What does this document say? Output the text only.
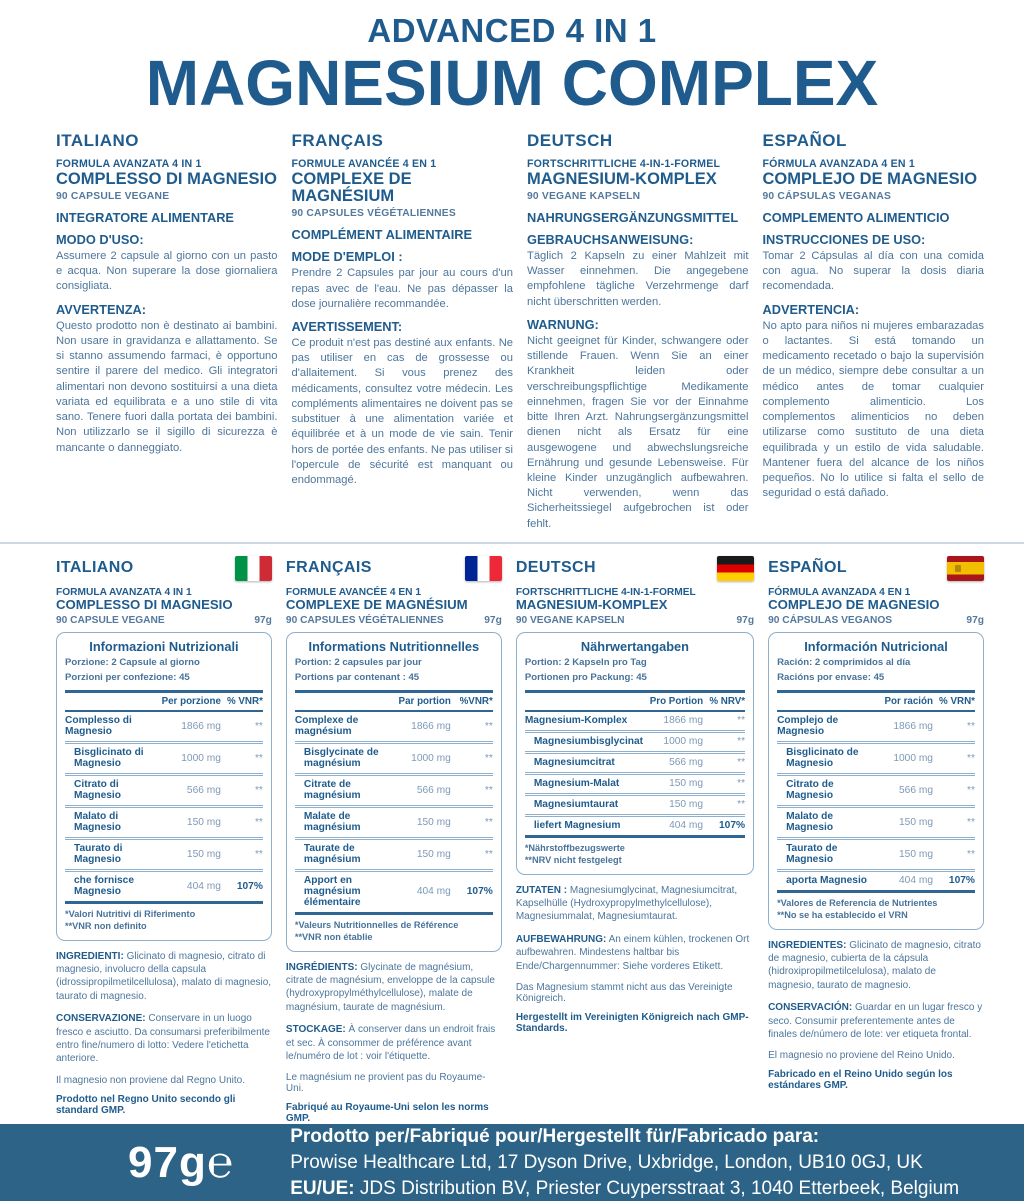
ADVANCED 4 IN 1
MAGNESIUM COMPLEX
ITALIANO
FORMULA AVANZATA 4 IN 1
COMPLESSO DI MAGNESIO
90 CAPSULE VEGANE
INTEGRATORE ALIMENTARE
MODO D'USO:
Assumere 2 capsule al giorno con un pasto e acqua. Non superare la dose giornaliera consigliata.
AVVERTENZA:
Questo prodotto non è destinato ai bambini. Non usare in gravidanza e allattamento. Se si stanno assumendo farmaci, è opportuno sentire il parere del medico. Gli integratori alimentari non devono sostituirsi a una dieta variata ed equilibrata e a uno stile di vita sano. Tenere fuori dalla portata dei bambini. Non utilizzarlo se il sigillo di sicurezza è mancante o danneggiato.
FRANÇAIS
FORMULE AVANCÉE 4 EN 1
COMPLEXE DE MAGNÉSIUM
90 CAPSULES VÉGÉTALIENNES
COMPLÉMENT ALIMENTAIRE
MODE D'EMPLOI :
Prendre 2 Capsules par jour au cours d'un repas avec de l'eau. Ne pas dépasser la dose journalière recommandée.
AVERTISSEMENT:
Ce produit n'est pas destiné aux enfants. Ne pas utiliser en cas de grossesse ou d'allaitement. Si vous prenez des médicaments, consultez votre médecin. Les compléments alimentaires ne doivent pas se substituer à une alimentation variée et équilibrée et à un mode de vie sain. Tenir hors de portée des enfants. Ne pas utiliser si l'opercule de sécurité est manquant ou endommagé.
DEUTSCH
FORTSCHRITTLICHE 4-IN-1-FORMEL
MAGNESIUM-KOMPLEX
90 VEGANE KAPSELN
NAHRUNGSERGÄNZUNGSMITTEL
GEBRAUCHSANWEISUNG:
Täglich 2 Kapseln zu einer Mahlzeit mit Wasser einnehmen. Die angegebene empfohlene tägliche Verzehrmenge darf nicht überschritten werden.
WARNUNG:
Nicht geeignet für Kinder, schwangere oder stillende Frauen. Wenn Sie an einer Krankheit leiden oder verschreibungspflichtige Medikamente einnehmen, fragen Sie vor der Einnahme bitte Ihren Arzt. Nahrungsergänzungsmittel dienen nicht als Ersatz für eine ausgewogene und abwechslungsreiche Ernährung und gesunde Lebensweise. Für kleine Kinder unzugänglich aufbewahren. Nicht verwenden, wenn das Sicherheitssiegel aufgebrochen ist oder fehlt.
ESPAÑOL
FÓRMULA AVANZADA 4 EN 1
COMPLEJO DE MAGNESIO
90 CÁPSULAS VEGANAS
COMPLEMENTO ALIMENTICIO
INSTRUCCIONES DE USO:
Tomar 2 Cápsulas al día con una comida con agua. No superar la dosis diaria recomendada.
ADVERTENCIA:
No apto para niños ni mujeres embarazadas o lactantes. Si está tomando un medicamento recetado o bajo la supervisión de un médico, siempre debe consultar a un médico antes de tomar cualquier complemento alimenticio. Los complementos alimenticios no deben utilizarse como sustituto de una dieta equilibrada y un estilo de vida saludable. Mantener fuera del alcance de los niños pequeños. No lo utilice si falta el sello de seguridad o está dañado.
ITALIANO
FORMULA AVANZATA 4 IN 1
COMPLESSO DI MAGNESIO
90 CAPSULE VEGANE	97g
Informazioni Nutrizionali
Porzione: 2 Capsule al giorno
Porzioni per confezione: 45
Per porzione % VNR*
Complesso di Magnesio	1866 mg	**
Bisglicinato di Magnesio	1000 mg	**
Citrato di Magnesio	566 mg	**
Malato di Magnesio	150 mg	**
Taurato di Magnesio	150 mg	**
che fornisce Magnesio	404 mg	107%
*Valori Nutritivi di Riferimento
**VNR non definito

INGREDIENTI: Glicinato di magnesio, citrato di magnesio, involucro della capsula (idrossipropilmetilcellulosa), malato di magnesio, taurato di magnesio.

CONSERVAZIONE: Conservare in un luogo fresco e asciutto. Da consumarsi preferibilmente entro fine/numero di lotto: Vedere l'etichetta anteriore.

Il magnesio non proviene dal Regno Unito.
Prodotto nel Regno Unito secondo gli standard GMP.
FRANÇAIS
FORMULE AVANCÉE 4 EN 1
COMPLEXE DE MAGNÉSIUM
90 CAPSULES VÉGÉTALIENNES	97g
Informations Nutritionnelles
Portion: 2 capsules par jour
Portions par contenant : 45
Par portion %VNR*
Complexe de magnésium	1866 mg	**
Bisglycinate de magnésium	1000 mg	**
Citrate de magnésium	566 mg	**
Malate de magnésium	150 mg	**
Taurate de magnésium	150 mg	**
Apport en magnésium élémentaire
404 mg	107%
*Valeurs Nutritionnelles de Référence
**VNR non établie

INGRÉDIENTS: Glycinate de magnésium, citrate de magnésium, enveloppe de la capsule (hydroxypropylméthylcellulose), malate de magnésium, taurate de magnésium.

STOCKAGE: À conserver dans un endroit frais et sec. À consommer de préférence avant le/numéro de lot : voir l'étiquette.

Le magnésium ne provient pas du Royaume-Uni.
Fabriqué au Royaume-Uni selon les norms GMP.
DEUTSCH
FORTSCHRITTLICHE 4-IN-1-FORMEL
MAGNESIUM-KOMPLEX
90 VEGANE KAPSELN	97g
Nährwertangaben
Portion: 2 Kapseln pro Tag
Portionen pro Packung: 45
Pro Portion % NRV*
Magnesium-Komplex	1866 mg	**
Magnesiumbisglycinat	1000 mg	**
Magnesiumcitrat	566 mg	**
Magnesium-Malat	150 mg	**
Magnesiumtaurat	150 mg	**
liefert Magnesium	404 mg	107%
*Nährstoffbezugswerte
**NRV nicht festgelegt

ZUTATEN : Magnesiumglycinat, Magnesiumcitrat, Kapselhülle (Hydroxypropylmethylcellulose), Magnesiummalat, Magnesiumtaurat.

AUFBEWAHRUNG: An einem kühlen, trockenen Ort aufbewahren. Mindestens haltbar bis Ende/Chargennummer: Siehe vorderes Etikett.

Das Magnesium stammt nicht aus das Vereinigte Königreich.
Hergestellt im Vereinigten Königreich nach GMP-Standards.
ESPAÑOL
FÓRMULA AVANZADA 4 EN 1
COMPLEJO DE MAGNESIO
90 CÁPSULAS VEGANOS	97g
Información Nutricional
Ración: 2 comprimidos al día
Racións por envase: 45
Por ración % VRN*
Complejo de Magnesio	1866 mg	**
Bisglicinato de Magnesio	1000 mg	**
Citrato de Magnesio	566 mg	**
Malato de Magnesio	150 mg	**
Taurato de Magnesio	150 mg	**
aporta Magnesio	404 mg	107%
*Valores de Referencia de Nutrientes
**No se ha establecido el VRN

INGREDIENTES: Glicinato de magnesio, citrato de magnesio, cubierta de la cápsula (hidroxipropilmetilcelulosa), malato de magnesio, taurato de magnesio.

CONSERVACIÓN: Guardar en un lugar fresco y seco. Consumir preferentemente antes de finales de/número de lote: ver etiqueta frontal.

El magnesio no proviene del Reino Unido.
Fabricado en el Reino Unido según los estándares GMP.
97g℮
Prodotto per/Fabriqué pour/Hergestellt für/Fabricado para:
Prowise Healthcare Ltd, 17 Dyson Drive, Uxbridge, London, UB10 0GJ, UK
EU/UE: JDS Distribution BV, Priester Cuypersstraat 3, 1040 Etterbeek, Belgium
